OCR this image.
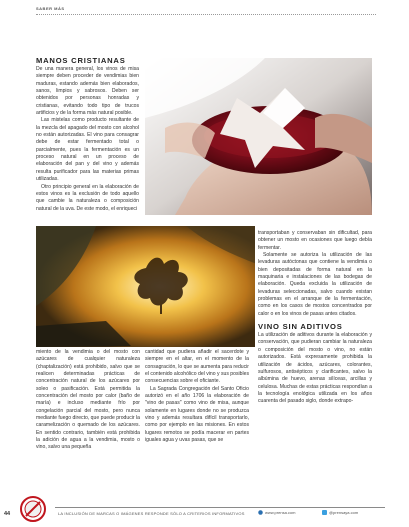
SABER MÁS
MANOS CRISTIANAS

De una manera general, los vinos de misa siempre deben proceder de vendimias bien maduras, estando además bien elaborados, sanos, limpios y sabrosos. Deben ser obtenidos por personas honradas y cristianas, evitando todo tipo de trucos artificios y de la forma más natural posible.

Las mistelas como producto resultante de la mezcla del apagado del mosto con alcohol no están autorizadas. El vino para consagrar debe de estar fermentado total o parcialmente, pues la fermentación es un proceso natural en un proceso de elaboración del pan y del vino y además resulta purificador para las materias primas utilizadas.

Otro principio general en la elaboración de estos vinos es la exclusión de todo aquello que cambie la naturaleza o composición natural de la uva. De este modo, el enriqueci

miento de la vendimia o del mosto con azúcares de cualquier naturaleza (chaptalización) está prohibido, salvo que se realicen determinadas prácticas de concentración natural de los azúcares por soleo o pasificación. Está permitida la concentración del mosto por calor (baño de maría) e incluso mediante frío por congelación parcial del mosto, pero nunca mediante fuego directo, que puede producir la caramelización o quemado de los azúcares. En sentido contrario, también está prohibida la adición de agua a la vendimia, mosto o vino, salvo una pequeña

cantidad que pudiera añadir el sacerdote y siempre en el altar, en el momento de la consagración, lo que se aumenta para reducir el contenido alcohólico del vino y sus posibles consecuencias sobre el oficiante.

La Sagrada Congregación del Santo Oficio autorizó en el año 1706 la elaboración de "vino de pasas" como vino de misa, aunque solamente en lugares donde no se produzca vino y además resultara difícil transportarlo, como por ejemplo en las misiones. En estos lugares remotos se podía macerar en partes iguales agua y uvas pasas, que se

transportaban y conservaban sin dificultad, para obtener un mosto en ocasiones que luego debía fermentar.

Solamente se autoriza la utilización de las levaduras autóctonas que contiene la vendimia o bien depositadas de forma natural en la maquinaria e instalaciones de las bodegas de elaboración. Queda excluida la utilización de levaduras seleccionadas, salvo cuando existan problemas en el arranque de la fermentación, como en los casos de mostos concentrados por calor o en los vinos de pasas antes citados.

VINO SIN ADITIVOS

La utilización de aditivos durante la elaboración y conservación, que pudieran cambiar la naturaleza o composición del mosto o vino, no están autorizados. Está expresamente prohibida la utilización de ácidos, azúcares, colorantes, sulfurosos, antisépticos y clarificantes, salvo la albúmina de huevo, arenas silíceas, arcillas y celulosa. Muchas de estas prácticas respondían a la tecnología enológica utilizada en los años cuarenta del pasado siglo, donde extrapo-

44	LA INCLUSIÓN DE MARCAS O IMÁGENES RESPONDE SÓLO A CRITERIOS INFORMATIVOS	www.prensa.com	@prensaya.com
